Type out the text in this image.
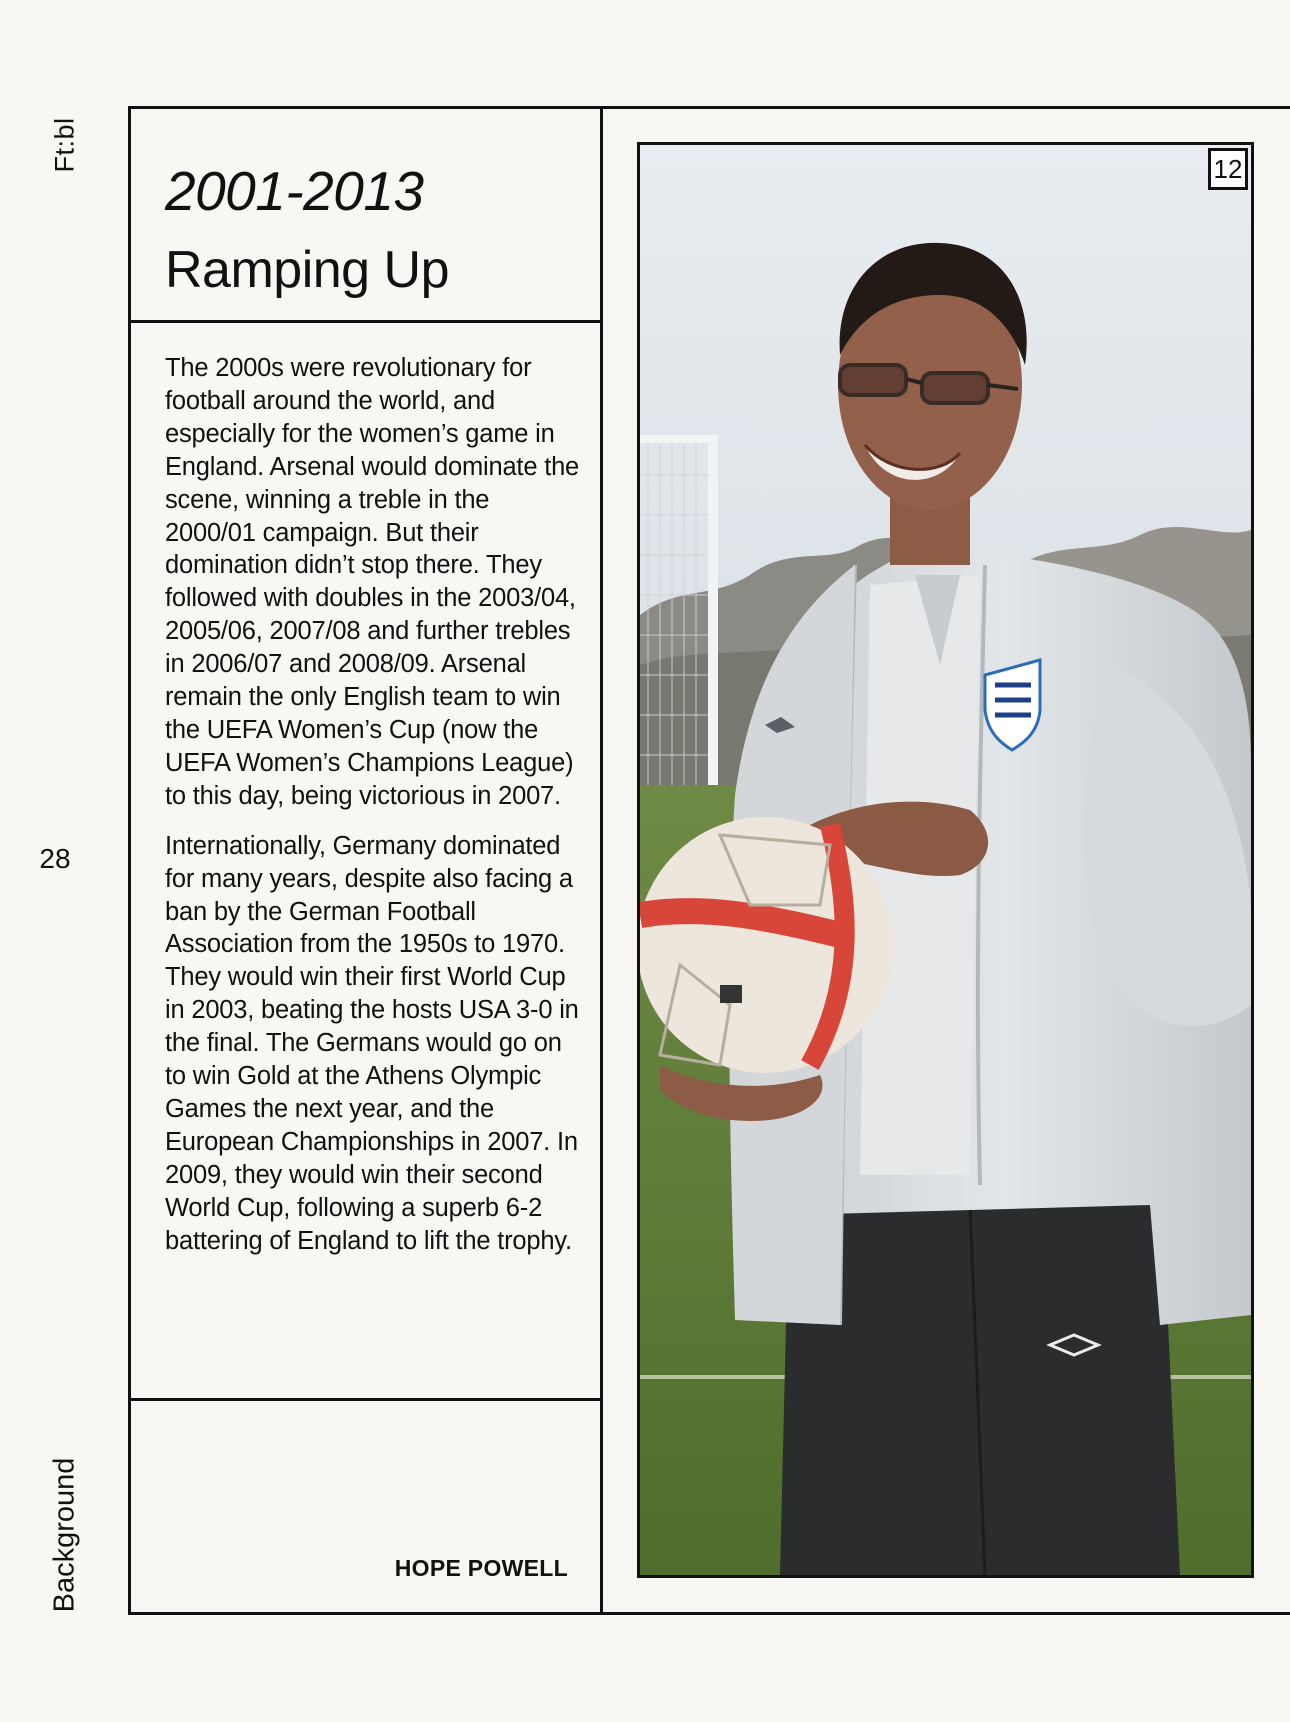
Ft:bl
28
Background
2001-2013
Ramping Up

The 2000s were revolutionary for football around the world, and especially for the women’s game in England. Arsenal would dominate the scene, winning a treble in the 2000/01 campaign. But their domination didn’t stop there. They followed with doubles in the 2003/04, 2005/06, 2007/08 and further trebles in 2006/07 and 2008/09. Arsenal remain the only English team to win the UEFA Women’s Cup (now the UEFA Women’s Champions League) to this day, being victorious in 2007.

Internationally, Germany dominated for many years, despite also facing a ban by the German Football Association from the 1950s to 1970. They would win their first World Cup in 2003, beating the hosts USA 3-0 in the final. The Germans would go on to win Gold at the Athens Olympic Games the next year, and the European Championships in 2007. In 2009, they would win their second World Cup, following a superb 6-2 battering of England to lift the trophy.

HOPE POWELL
12
